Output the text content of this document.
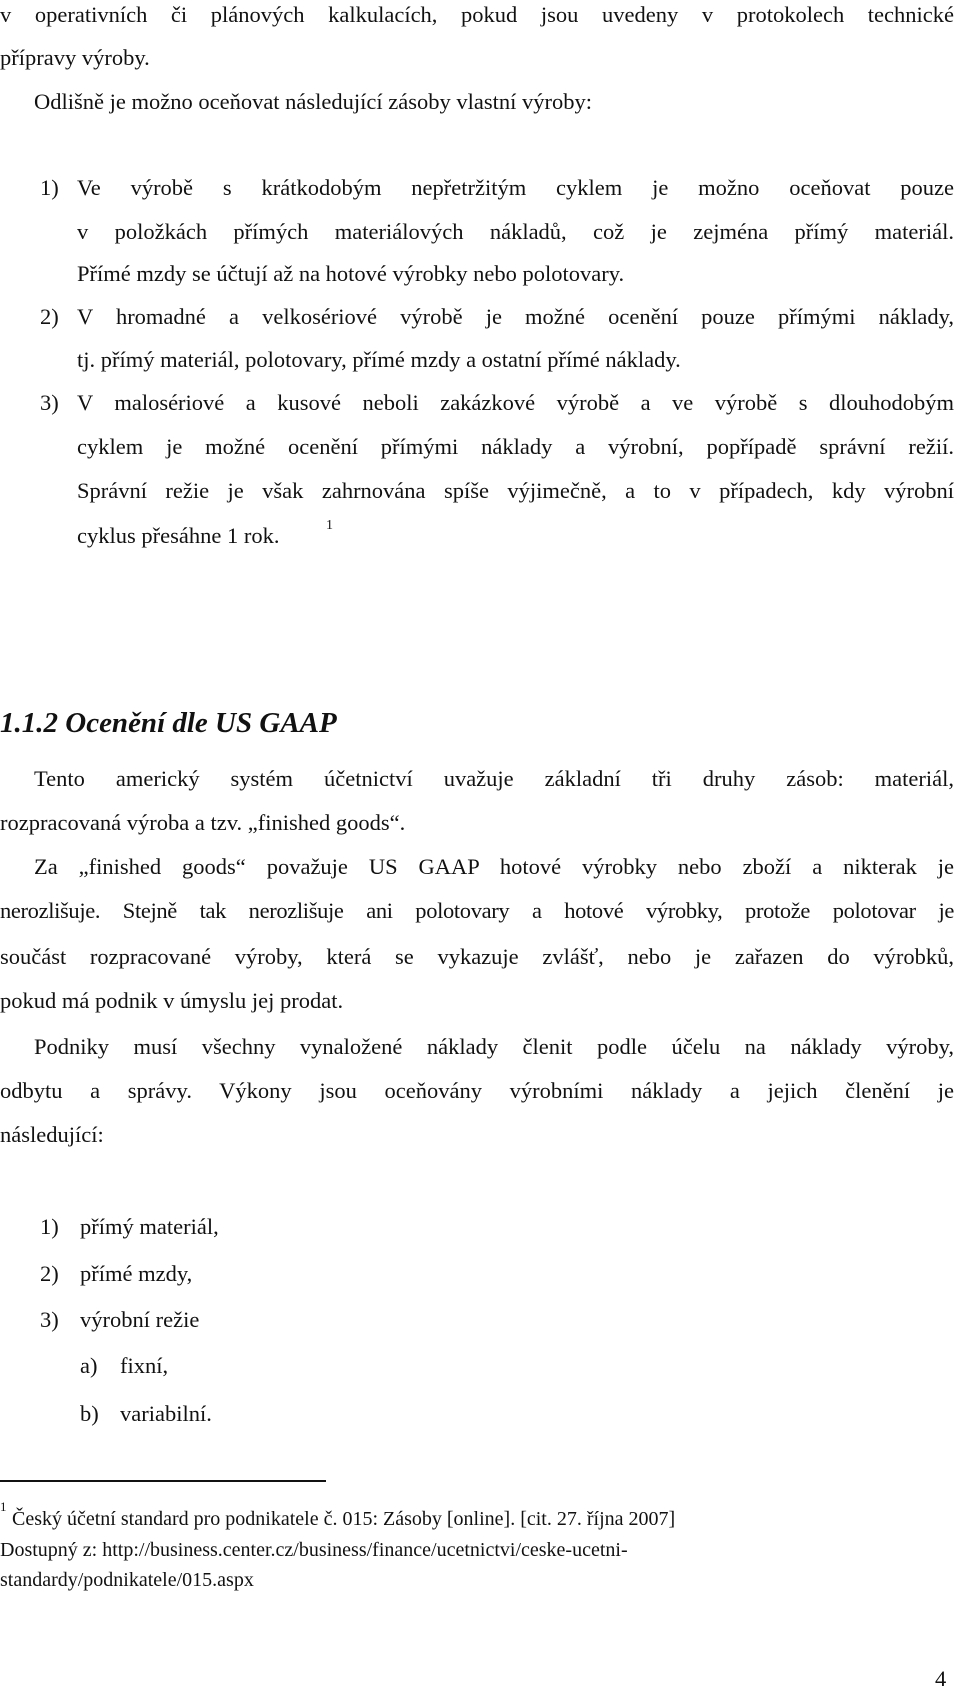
v operativních či plánových kalkulacích, pokud jsou uvedeny v protokolech technické
přípravy výroby.
Odlišně je možno oceňovat následující zásoby vlastní výroby:
1) Ve výrobě s krátkodobým nepřetržitým cyklem je možno oceňovat pouze
v položkách přímých materiálových nákladů, což je zejména přímý materiál.
Přímé mzdy se účtují až na hotové výrobky nebo polotovary.
2) V hromadné a velkosériové výrobě je možné ocenění pouze přímými náklady,
tj. přímý materiál, polotovary, přímé mzdy a ostatní přímé náklady.
3) V malosériové a kusové neboli zakázkové výrobě a ve výrobě s dlouhodobým
cyklem je možné ocenění přímými náklady a výrobní, popřípadě správní režií.
Správní režie je však zahrnována spíše výjimečně, a to v případech, kdy výrobní
cyklus přesáhne 1 rok.	1
1.1.2 Ocenění dle US GAAP
Tento americký systém účetnictví uvažuje základní tři druhy zásob: materiál,
rozpracovaná výroba a tzv. „finished goods“.
Za „finished goods“ považuje US GAAP hotové výrobky nebo zboží a nikterak je
nerozlišuje. Stejně tak nerozlišuje ani polotovary a hotové výrobky, protože polotovar je
součást rozpracované výroby, která se vykazuje zvlášť, nebo je zařazen do výrobků,
pokud má podnik v úmyslu jej prodat.
Podniky musí všechny vynaložené náklady členit podle účelu na náklady výroby,
odbytu a správy. Výkony jsou oceňovány výrobními náklady a jejich členění je
následující:
1) přímý materiál,
2) přímé mzdy,
3) výrobní režie
a) fixní,
b) variabilní.
1
Český účetní standard pro podnikatele č. 015: Zásoby [online]. [cit. 27. října 2007]
Dostupný z: http://business.center.cz/business/finance/ucetnictvi/ceske-ucetni-
standardy/podnikatele/015.aspx
4
